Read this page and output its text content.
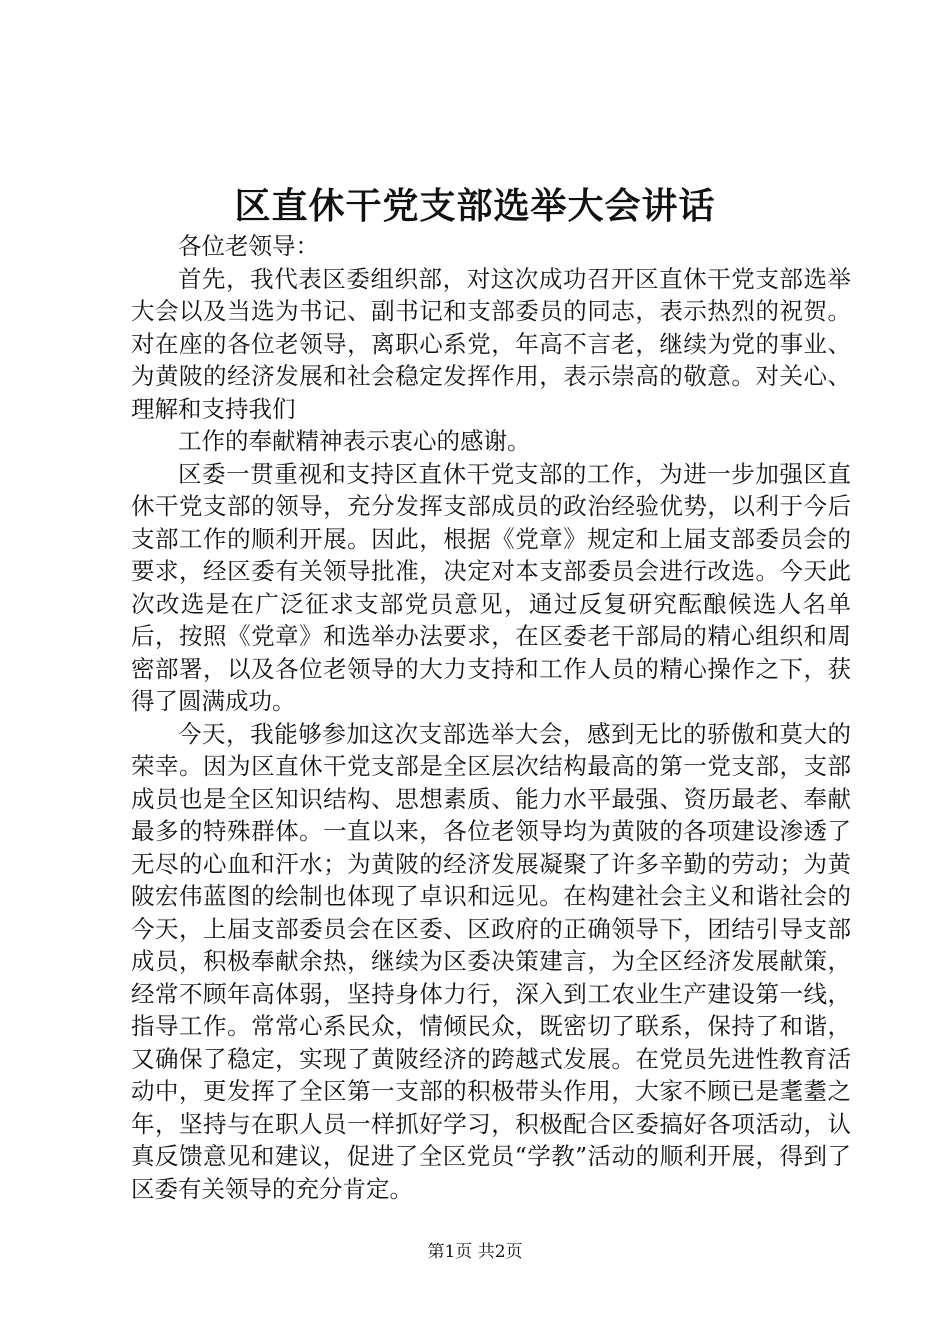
区直休干党支部选举大会讲话

各位老领导：

首先，我代表区委组织部，对这次成功召开区直休干党支部选举大会以及当选为书记、副书记和支部委员的同志，表示热烈的祝贺。对在座的各位老领导，离职心系党，年高不言老，继续为党的事业、为黄陂的经济发展和社会稳定发挥作用，表示崇高的敬意。对关心、理解和支持我们

工作的奉献精神表示衷心的感谢。

区委一贯重视和支持区直休干党支部的工作，为进一步加强区直休干党支部的领导，充分发挥支部成员的政治经验优势，以利于今后支部工作的顺利开展。因此，根据《党章》规定和上届支部委员会的要求，经区委有关领导批准，决定对本支部委员会进行改选。今天此次改选是在广泛征求支部党员意见，通过反复研究酝酿候选人名单后，按照《党章》和选举办法要求，在区委老干部局的精心组织和周密部署，以及各位老领导的大力支持和工作人员的精心操作之下，获得了圆满成功。

今天，我能够参加这次支部选举大会，感到无比的骄傲和莫大的荣幸。因为区直休干党支部是全区层次结构最高的第一党支部，支部成员也是全区知识结构、思想素质、能力水平最强、资历最老、奉献最多的特殊群体。一直以来，各位老领导均为黄陂的各项建设渗透了无尽的心血和汗水；为黄陂的经济发展凝聚了许多辛勤的劳动；为黄陂宏伟蓝图的绘制也体现了卓识和远见。在构建社会主义和谐社会的今天，上届支部委员会在区委、区政府的正确领导下，团结引导支部成员，积极奉献余热，继续为区委决策建言，为全区经济发展献策，经常不顾年高体弱，坚持身体力行，深入到工农业生产建设第一线，指导工作。常常心系民众，情倾民众，既密切了联系，保持了和谐，又确保了稳定，实现了黄陂经济的跨越式发展。在党员先进性教育活动中，更发挥了全区第一支部的积极带头作用，大家不顾已是耄耋之年，坚持与在职人员一样抓好学习，积极配合区委搞好各项活动，认真反馈意见和建议，促进了全区党员“学教”活动的顺利开展，得到了区委有关领导的充分肯定。

第1页 共2页
